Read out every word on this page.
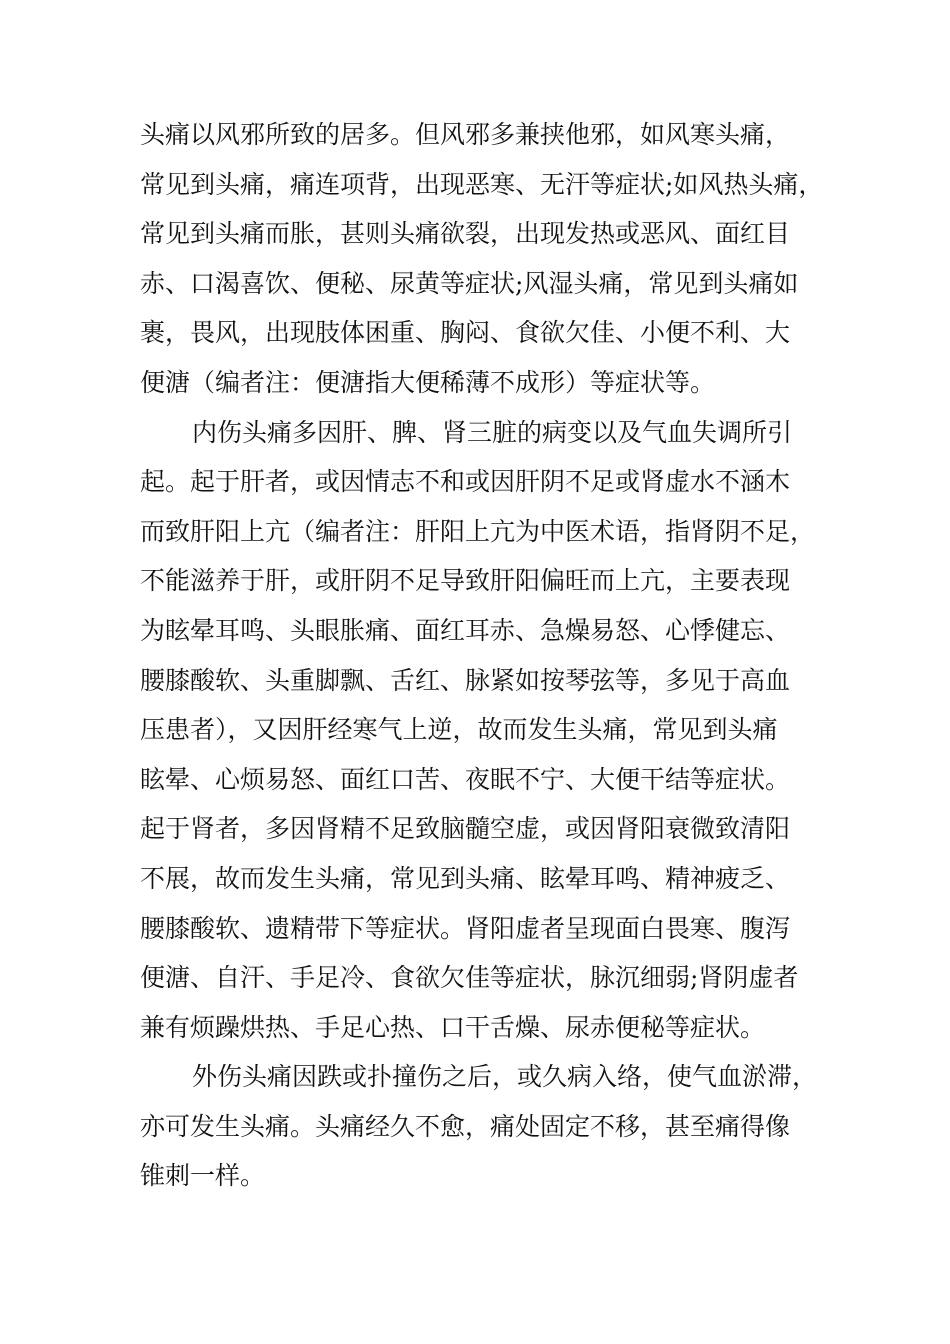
头痛以风邪所致的居多。但风邪多兼挟他邪，如风寒头痛，
常见到头痛，痛连项背，出现恶寒、无汗等症状;如风热头痛，
常见到头痛而胀，甚则头痛欲裂，出现发热或恶风、面红目
赤、口渴喜饮、便秘、尿黄等症状;风湿头痛，常见到头痛如
裹，畏风，出现肢体困重、胸闷、食欲欠佳、小便不利、大
便溏（编者注：便溏指大便稀薄不成形）等症状等。
内伤头痛多因肝、脾、肾三脏的病变以及气血失调所引
起。起于肝者，或因情志不和或因肝阴不足或肾虚水不涵木
而致肝阳上亢（编者注：肝阳上亢为中医术语，指肾阴不足，
不能滋养于肝，或肝阴不足导致肝阳偏旺而上亢，主要表现
为眩晕耳鸣、头眼胀痛、面红耳赤、急燥易怒、心悸健忘、
腰膝酸软、头重脚飘、舌红、脉紧如按琴弦等，多见于高血
压患者），又因肝经寒气上逆，故而发生头痛，常见到头痛
眩晕、心烦易怒、面红口苦、夜眠不宁、大便干结等症状。
起于肾者，多因肾精不足致脑髓空虚，或因肾阳衰微致清阳
不展，故而发生头痛，常见到头痛、眩晕耳鸣、精神疲乏、
腰膝酸软、遗精带下等症状。肾阳虚者呈现面白畏寒、腹泻
便溏、自汗、手足冷、食欲欠佳等症状，脉沉细弱;肾阴虚者
兼有烦躁烘热、手足心热、口干舌燥、尿赤便秘等症状。
外伤头痛因跌或扑撞伤之后，或久病入络，使气血淤滞，
亦可发生头痛。头痛经久不愈，痛处固定不移，甚至痛得像
锥刺一样。
